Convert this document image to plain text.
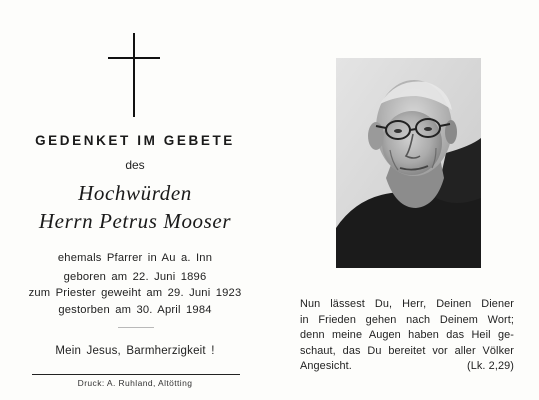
GEDENKET IM GEBETE
des
Hochwürden
Herrn Petrus Mooser
ehemals Pfarrer in Au a. Inn
geboren am 22. Juni 1896
zum Priester geweiht am 29. Juni 1923
gestorben am 30. April 1984
Mein Jesus, Barmherzigkeit !
Druck: A. Ruhland, Altötting
Nun lässest Du, Herr, Deinen Diener
in Frieden gehen nach Deinem Wort;
denn meine Augen haben das Heil ge-
schaut, das Du bereitet vor aller Völker
Angesicht.	(Lk. 2,29)
